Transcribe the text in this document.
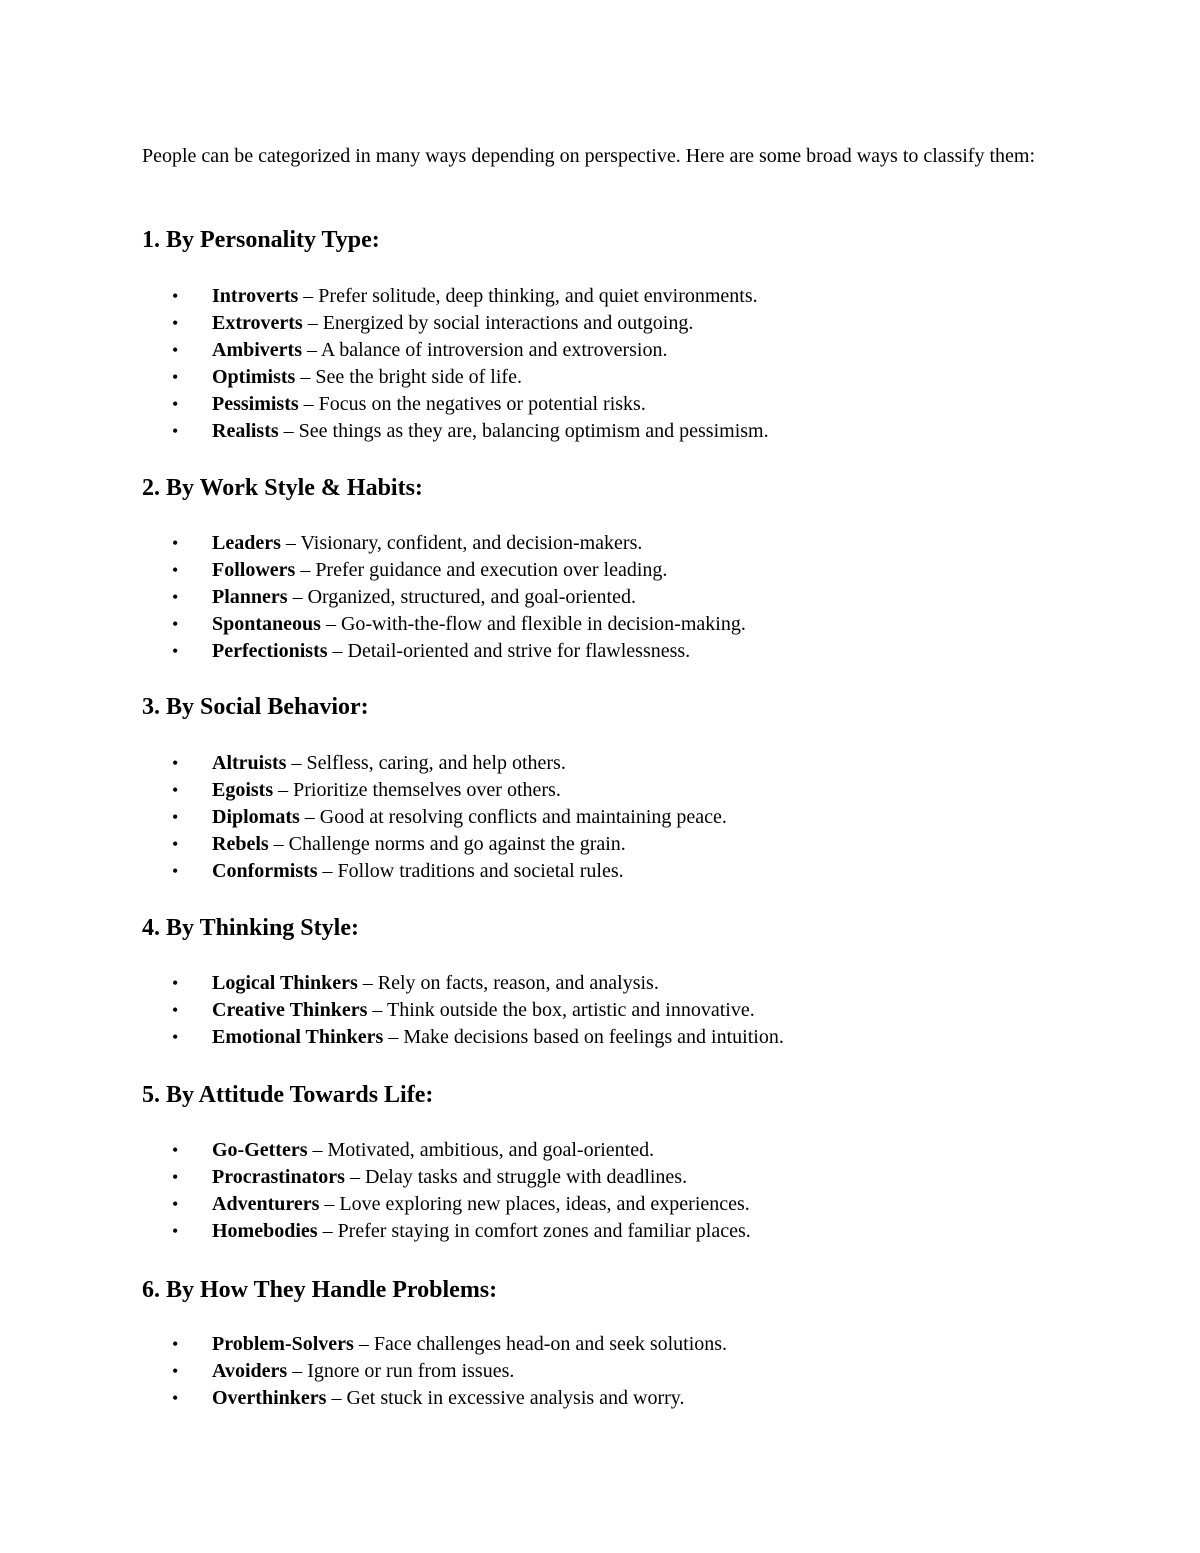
People can be categorized in many ways depending on perspective. Here are some broad ways to classify them:

1. By Personality Type:
• Introverts – Prefer solitude, deep thinking, and quiet environments.
• Extroverts – Energized by social interactions and outgoing.
• Ambiverts – A balance of introversion and extroversion.
• Optimists – See the bright side of life.
• Pessimists – Focus on the negatives or potential risks.
• Realists – See things as they are, balancing optimism and pessimism.
2. By Work Style & Habits:
• Leaders – Visionary, confident, and decision-makers.
• Followers – Prefer guidance and execution over leading.
• Planners – Organized, structured, and goal-oriented.
• Spontaneous – Go-with-the-flow and flexible in decision-making.
• Perfectionists – Detail-oriented and strive for flawlessness.
3. By Social Behavior:
• Altruists – Selfless, caring, and help others.
• Egoists – Prioritize themselves over others.
• Diplomats – Good at resolving conflicts and maintaining peace.
• Rebels – Challenge norms and go against the grain.
• Conformists – Follow traditions and societal rules.
4. By Thinking Style:
• Logical Thinkers – Rely on facts, reason, and analysis.
• Creative Thinkers – Think outside the box, artistic and innovative.
• Emotional Thinkers – Make decisions based on feelings and intuition.
5. By Attitude Towards Life:
• Go-Getters – Motivated, ambitious, and goal-oriented.
• Procrastinators – Delay tasks and struggle with deadlines.
• Adventurers – Love exploring new places, ideas, and experiences.
• Homebodies – Prefer staying in comfort zones and familiar places.
6. By How They Handle Problems:
• Problem-Solvers – Face challenges head-on and seek solutions.
• Avoiders – Ignore or run from issues.
• Overthinkers – Get stuck in excessive analysis and worry.
